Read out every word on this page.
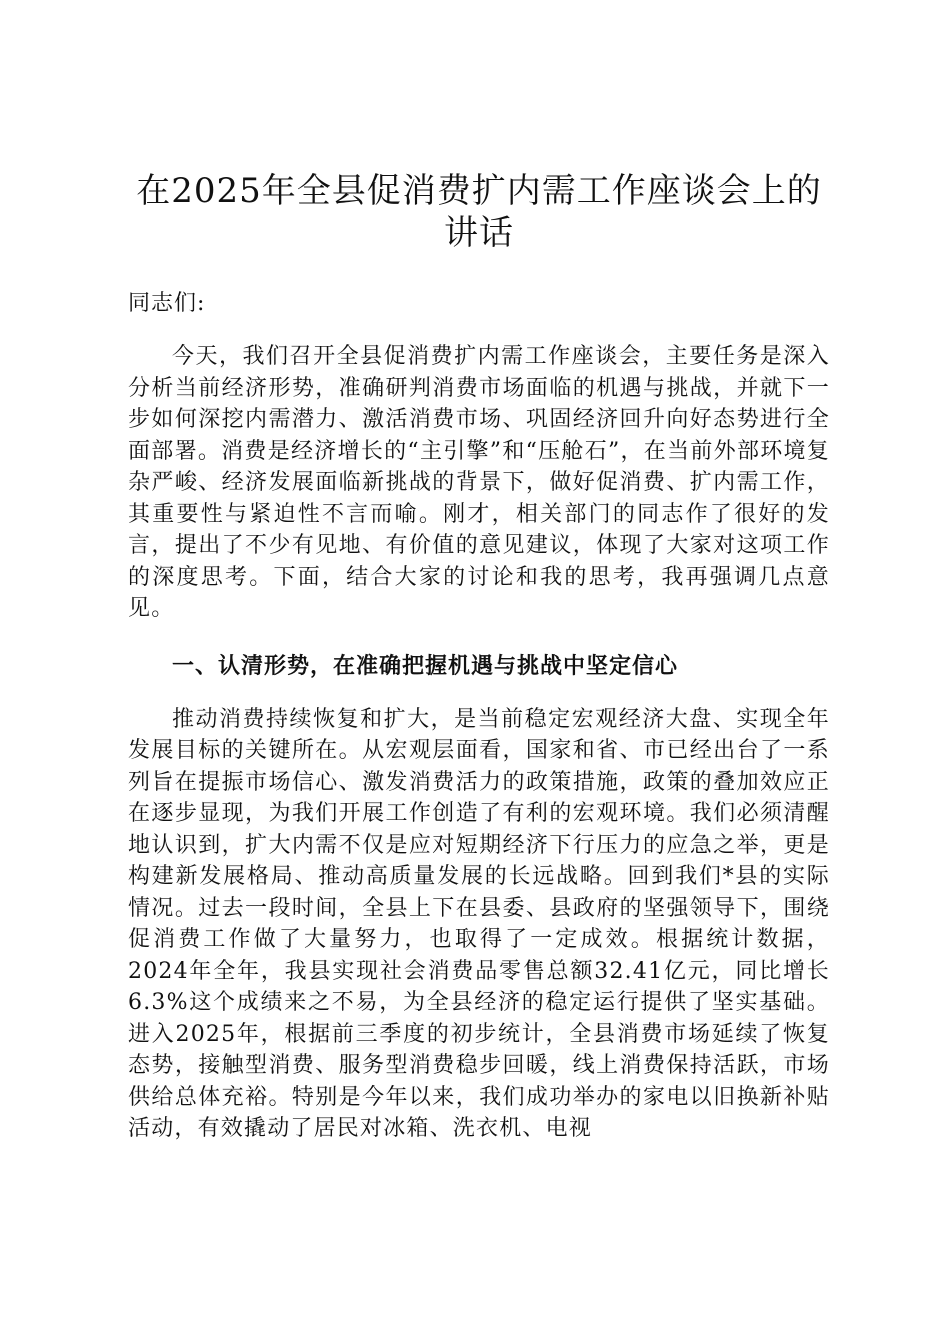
在2025年全县促消费扩内需工作座谈会上的讲话
同志们:

今天，我们召开全县促消费扩内需工作座谈会，主要任务是深入分析当前经济形势，准确研判消费市场面临的机遇与挑战，并就下一步如何深挖内需潜力、激活消费市场、巩固经济回升向好态势进行全面部署。消费是经济增长的“主引擎”和“压舱石”，在当前外部环境复杂严峻、经济发展面临新挑战的背景下，做好促消费、扩内需工作，其重要性与紧迫性不言而喻。刚才，相关部门的同志作了很好的发言，提出了不少有见地、有价值的意见建议，体现了大家对这项工作的深度思考。下面，结合大家的讨论和我的思考，我再强调几点意见。

一、认清形势，在准确把握机遇与挑战中坚定信心

推动消费持续恢复和扩大，是当前稳定宏观经济大盘、实现全年发展目标的关键所在。从宏观层面看，国家和省、市已经出台了一系列旨在提振市场信心、激发消费活力的政策措施，政策的叠加效应正在逐步显现，为我们开展工作创造了有利的宏观环境。我们必须清醒地认识到，扩大内需不仅是应对短期经济下行压力的应急之举，更是构建新发展格局、推动高质量发展的长远战略。回到我们*县的实际情况。过去一段时间，全县上下在县委、县政府的坚强领导下，围绕促消费工作做了大量努力，也取得了一定成效。根据统计数据，2024年全年，我县实现社会消费品零售总额32.41亿元，同比增长6.3%这个成绩来之不易，为全县经济的稳定运行提供了坚实基础。进入2025年，根据前三季度的初步统计，全县消费市场延续了恢复态势，接触型消费、服务型消费稳步回暖，线上消费保持活跃，市场供给总体充裕。特别是今年以来，我们成功举办的家电以旧换新补贴活动，有效撬动了居民对冰箱、洗衣机、电视
